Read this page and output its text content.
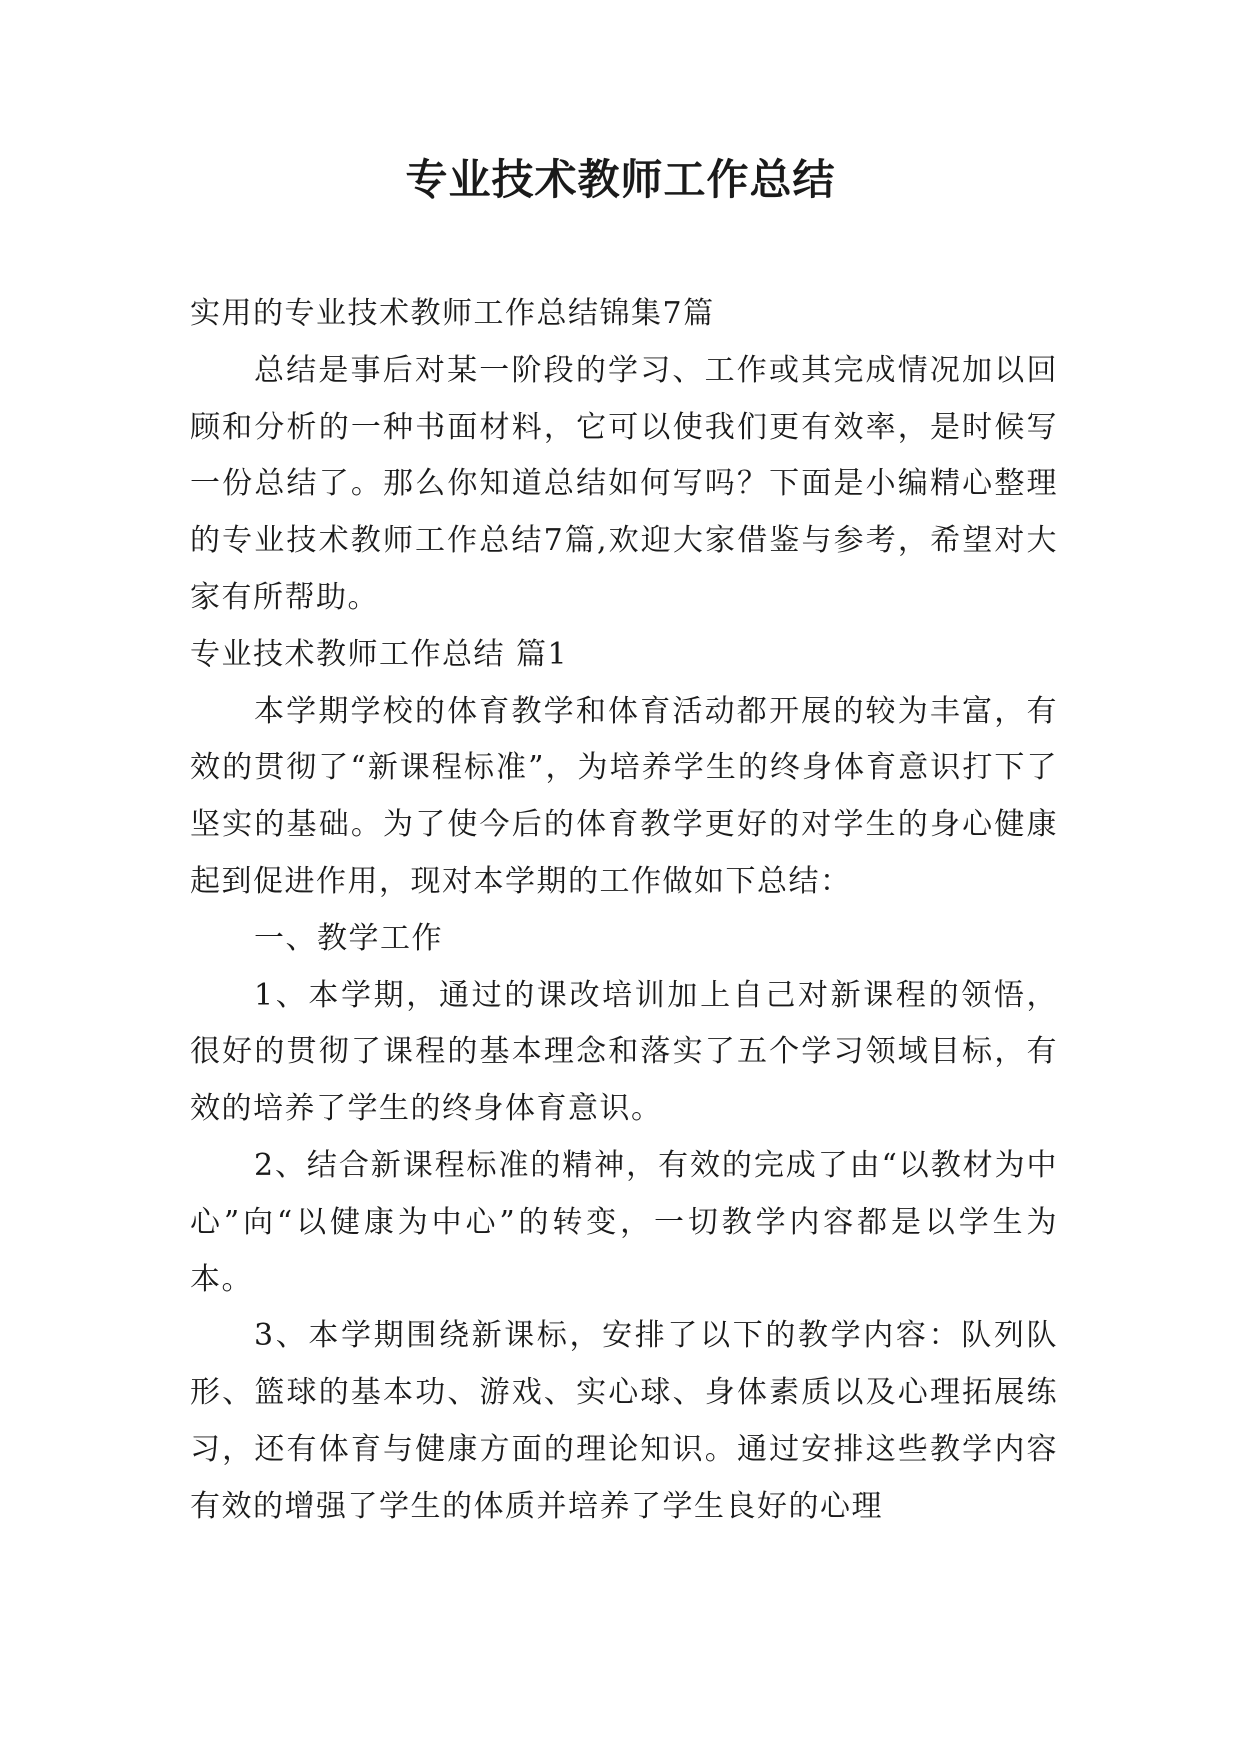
专业技术教师工作总结

实用的专业技术教师工作总结锦集7篇

总结是事后对某一阶段的学习、工作或其完成情况加以回顾和分析的一种书面材料，它可以使我们更有效率，是时候写一份总结了。那么你知道总结如何写吗？下面是小编精心整理的专业技术教师工作总结7篇,欢迎大家借鉴与参考，希望对大家有所帮助。

专业技术教师工作总结 篇1

本学期学校的体育教学和体育活动都开展的较为丰富，有效的贯彻了“新课程标准”，为培养学生的终身体育意识打下了坚实的基础。为了使今后的体育教学更好的对学生的身心健康起到促进作用，现对本学期的工作做如下总结：

一、教学工作

1、本学期，通过的课改培训加上自己对新课程的领悟，很好的贯彻了课程的基本理念和落实了五个学习领域目标，有效的培养了学生的终身体育意识。

2、结合新课程标准的精神，有效的完成了由“以教材为中心”向“以健康为中心”的转变，一切教学内容都是以学生为本。

3、本学期围绕新课标，安排了以下的教学内容：队列队形、篮球的基本功、游戏、实心球、身体素质以及心理拓展练习，还有体育与健康方面的理论知识。通过安排这些教学内容有效的增强了学生的体质并培养了学生良好的心理
